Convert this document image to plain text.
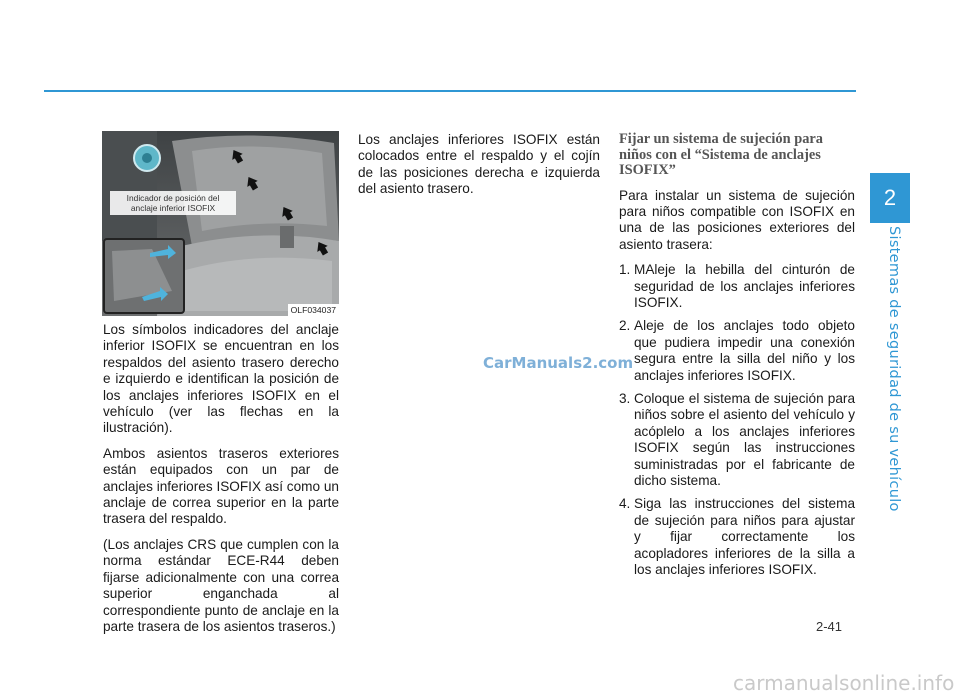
2
Sistemas de seguridad de su vehículo
Indicador de posición del anclaje inferior ISOFIX
OLF034037

Los símbolos indicadores del anclaje inferior ISOFIX se encuentran en los respaldos del asiento trasero derecho e izquierdo e identifican la posición de los anclajes inferiores ISOFIX en el vehículo (ver las flechas en la ilustración).

Ambos asientos traseros exteriores están equipados con un par de anclajes inferiores ISOFIX así como un anclaje de correa superior en la parte trasera del respaldo.

(Los anclajes CRS que cumplen con la norma estándar ECE-R44 deben fijarse adicionalmente con una correa superior enganchada al correspondiente punto de anclaje en la parte trasera de los asientos traseros.)

Los anclajes inferiores ISOFIX están colocados entre el respaldo y el cojín de las posiciones derecha e izquierda del asiento trasero.

Fijar un sistema de sujeción para niños con el “Sistema de anclajes ISOFIX”

Para instalar un sistema de sujeción para niños compatible con ISOFIX en una de las posiciones exteriores del asiento trasera:

1. MAleje la hebilla del cinturón de seguridad de los anclajes inferiores ISOFIX.
2. Aleje de los anclajes todo objeto que pudiera impedir una conexión segura entre la silla del niño y los anclajes inferiores ISOFIX.
3. Coloque el sistema de sujeción para niños sobre el asiento del vehículo y acóplelo a los anclajes inferiores ISOFIX según las instrucciones suministradas por el fabricante de dicho sistema.
4. Siga las instrucciones del sistema de sujeción para niños para ajustar y fijar correctamente los acopladores inferiores de la silla a los anclajes inferiores ISOFIX.
CarManuals2.com
2-41
carmanualsonline.info
